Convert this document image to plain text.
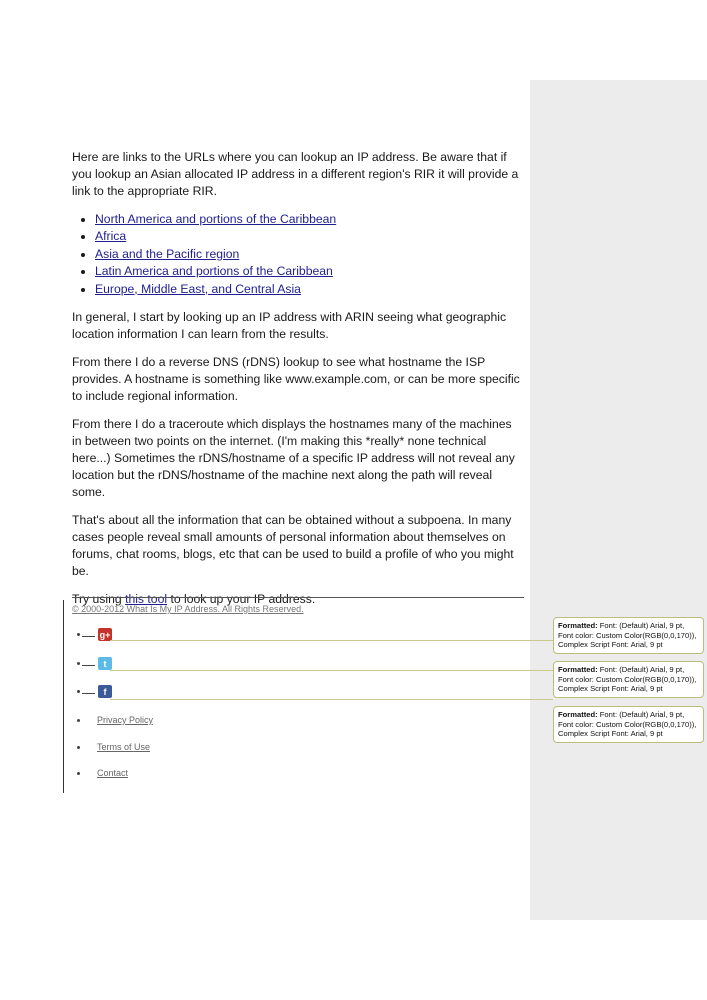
Here are links to the URLs where you can lookup an IP address. Be aware that if you lookup an Asian allocated IP address in a different region's RIR it will provide a link to the appropriate RIR.

• North America and portions of the Caribbean
• Africa
• Asia and the Pacific region
• Latin America and portions of the Caribbean
• Europe, Middle East, and Central Asia

In general, I start by looking up an IP address with ARIN seeing what geographic location information I can learn from the results.

From there I do a reverse DNS (rDNS) lookup to see what hostname the ISP provides. A hostname is something like www.example.com, or can be more specific to include regional information.

From there I do a traceroute which displays the hostnames many of the machines in between two points on the internet. (I'm making this *really* none technical here...) Sometimes the rDNS/hostname of a specific IP address will not reveal any location but the rDNS/hostname of the machine next along the path will reveal some.

That's about all the information that can be obtained without a subpoena. In many cases people reveal small amounts of personal information about themselves on forums, chat rooms, blogs, etc that can be used to build a profile of who you might be.

Try using this tool to look up your IP address.

© 2000-2012 What Is My IP Address. All Rights Reserved.
g+
t
f
Privacy Policy
Terms of Use
Contact
Formatted: Font: (Default) Arial, 9 pt, Font color: Custom Color(RGB(0,0,170)), Complex Script Font: Arial, 9 pt
Formatted: Font: (Default) Arial, 9 pt, Font color: Custom Color(RGB(0,0,170)), Complex Script Font: Arial, 9 pt
Formatted: Font: (Default) Arial, 9 pt, Font color: Custom Color(RGB(0,0,170)), Complex Script Font: Arial, 9 pt
